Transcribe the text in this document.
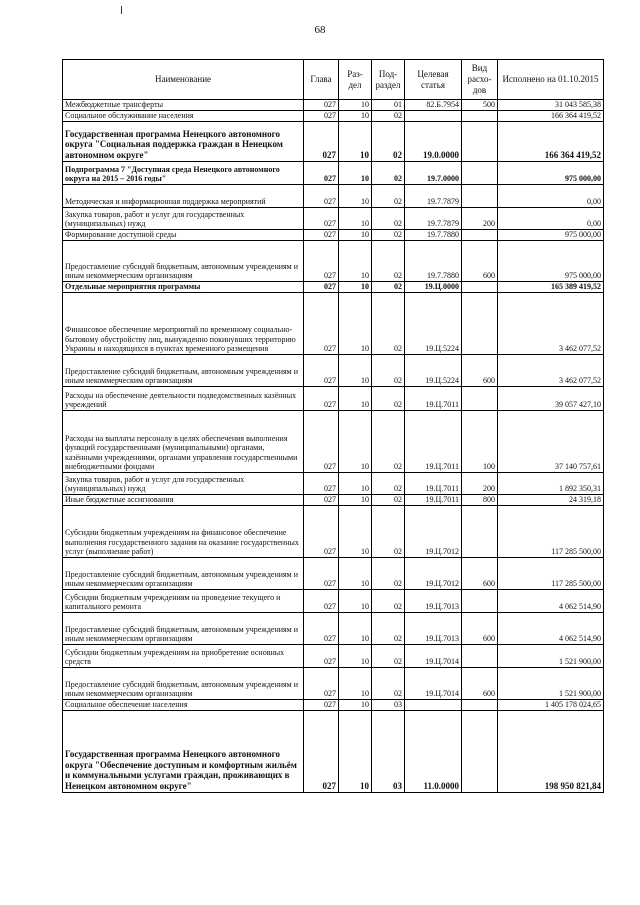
68
Наименование	Глава	Раз-дел	Под-раздел	Целевая статья	Вид расхо-дов	Исполнено на 01.10.2015
Межбюджетные трансферты	027	10	01	82.Б.7954	500	31 043 585,38
Социальное обслуживание населения	027	10	02			166 364 419,52
Государственная программа Ненецкого автономного округа "Социальная поддержка граждан в Ненецком автономном округе"	027	10	02	19.0.0000		166 364 419,52
Подпрограмма 7 "Доступная среда Ненецкого автономного округа на 2015 – 2016 годы"	027	10	02	19.7.0000		975 000,00
Методическая и информационная поддержка мероприятий	027	10	02	19.7.7879		0,00
Закупка товаров, работ и услуг для государственных (муниципальных) нужд	027	10	02	19.7.7879	200	0,00
Формирование доступной среды	027	10	02	19.7.7880		975 000,00
Предоставление субсидий бюджетным, автономным учреждениям и иным некоммерческим организациям	027	10	02	19.7.7880	600	975 000,00
Отдельные мероприятия программы	027	10	02	19.Ц.0000		165 389 419,52
Финансовое обеспечение мероприятий по временному социально-бытовому обустройству лиц, вынужденно покинувших территорию Украины и находящихся в пунктах временного размещения	027	10	02	19.Ц.5224		3 462 077,52
Предоставление субсидий бюджетным, автономным учреждениям и иным некоммерческим организациям	027	10	02	19.Ц.5224	600	3 462 077,52
Расходы на обеспечение деятельности подведомственных казённых учреждений	027	10	02	19.Ц.7011		39 057 427,10
Расходы на выплаты персоналу в целях обеспечения выполнения функций государственными (муниципальными) органами, казёнными учреждениями, органами управления государственными внебюджетными фондами	027	10	02	19.Ц.7011	100	37 140 757,61
Закупка товаров, работ и услуг для государственных (муниципальных) нужд	027	10	02	19.Ц.7011	200	1 892 350,31
Иные бюджетные ассигнования	027	10	02	19.Ц.7011	800	24 319,18
Субсидии бюджетным учреждениям на финансовое обеспечение выполнения государственного задания на оказание государственных услуг (выполнение работ)	027	10	02	19.Ц.7012		117 285 500,00
Предоставление субсидий бюджетным, автономным учреждениям и иным некоммерческим организациям	027	10	02	19.Ц.7012	600	117 285 500,00
Субсидии бюджетным учреждениям на проведение текущего и капитального ремонта	027	10	02	19.Ц.7013		4 062 514,90
Предоставление субсидий бюджетным, автономным учреждениям и иным некоммерческим организациям	027	10	02	19.Ц.7013	600	4 062 514,90
Субсидии бюджетным учреждениям на приобретение основных средств	027	10	02	19.Ц.7014		1 521 900,00
Предоставление субсидий бюджетным, автономным учреждениям и иным некоммерческим организациям	027	10	02	19.Ц.7014	600	1 521 900,00
Социальное обеспечение населения	027	10	03			1 405 178 024,65
Государственная программа Ненецкого автономного округа "Обеспечение доступным и комфортным жильём и коммунальными услугами граждан, проживающих в Ненецком автономном округе"	027	10	03	11.0.0000		198 950 821,84
